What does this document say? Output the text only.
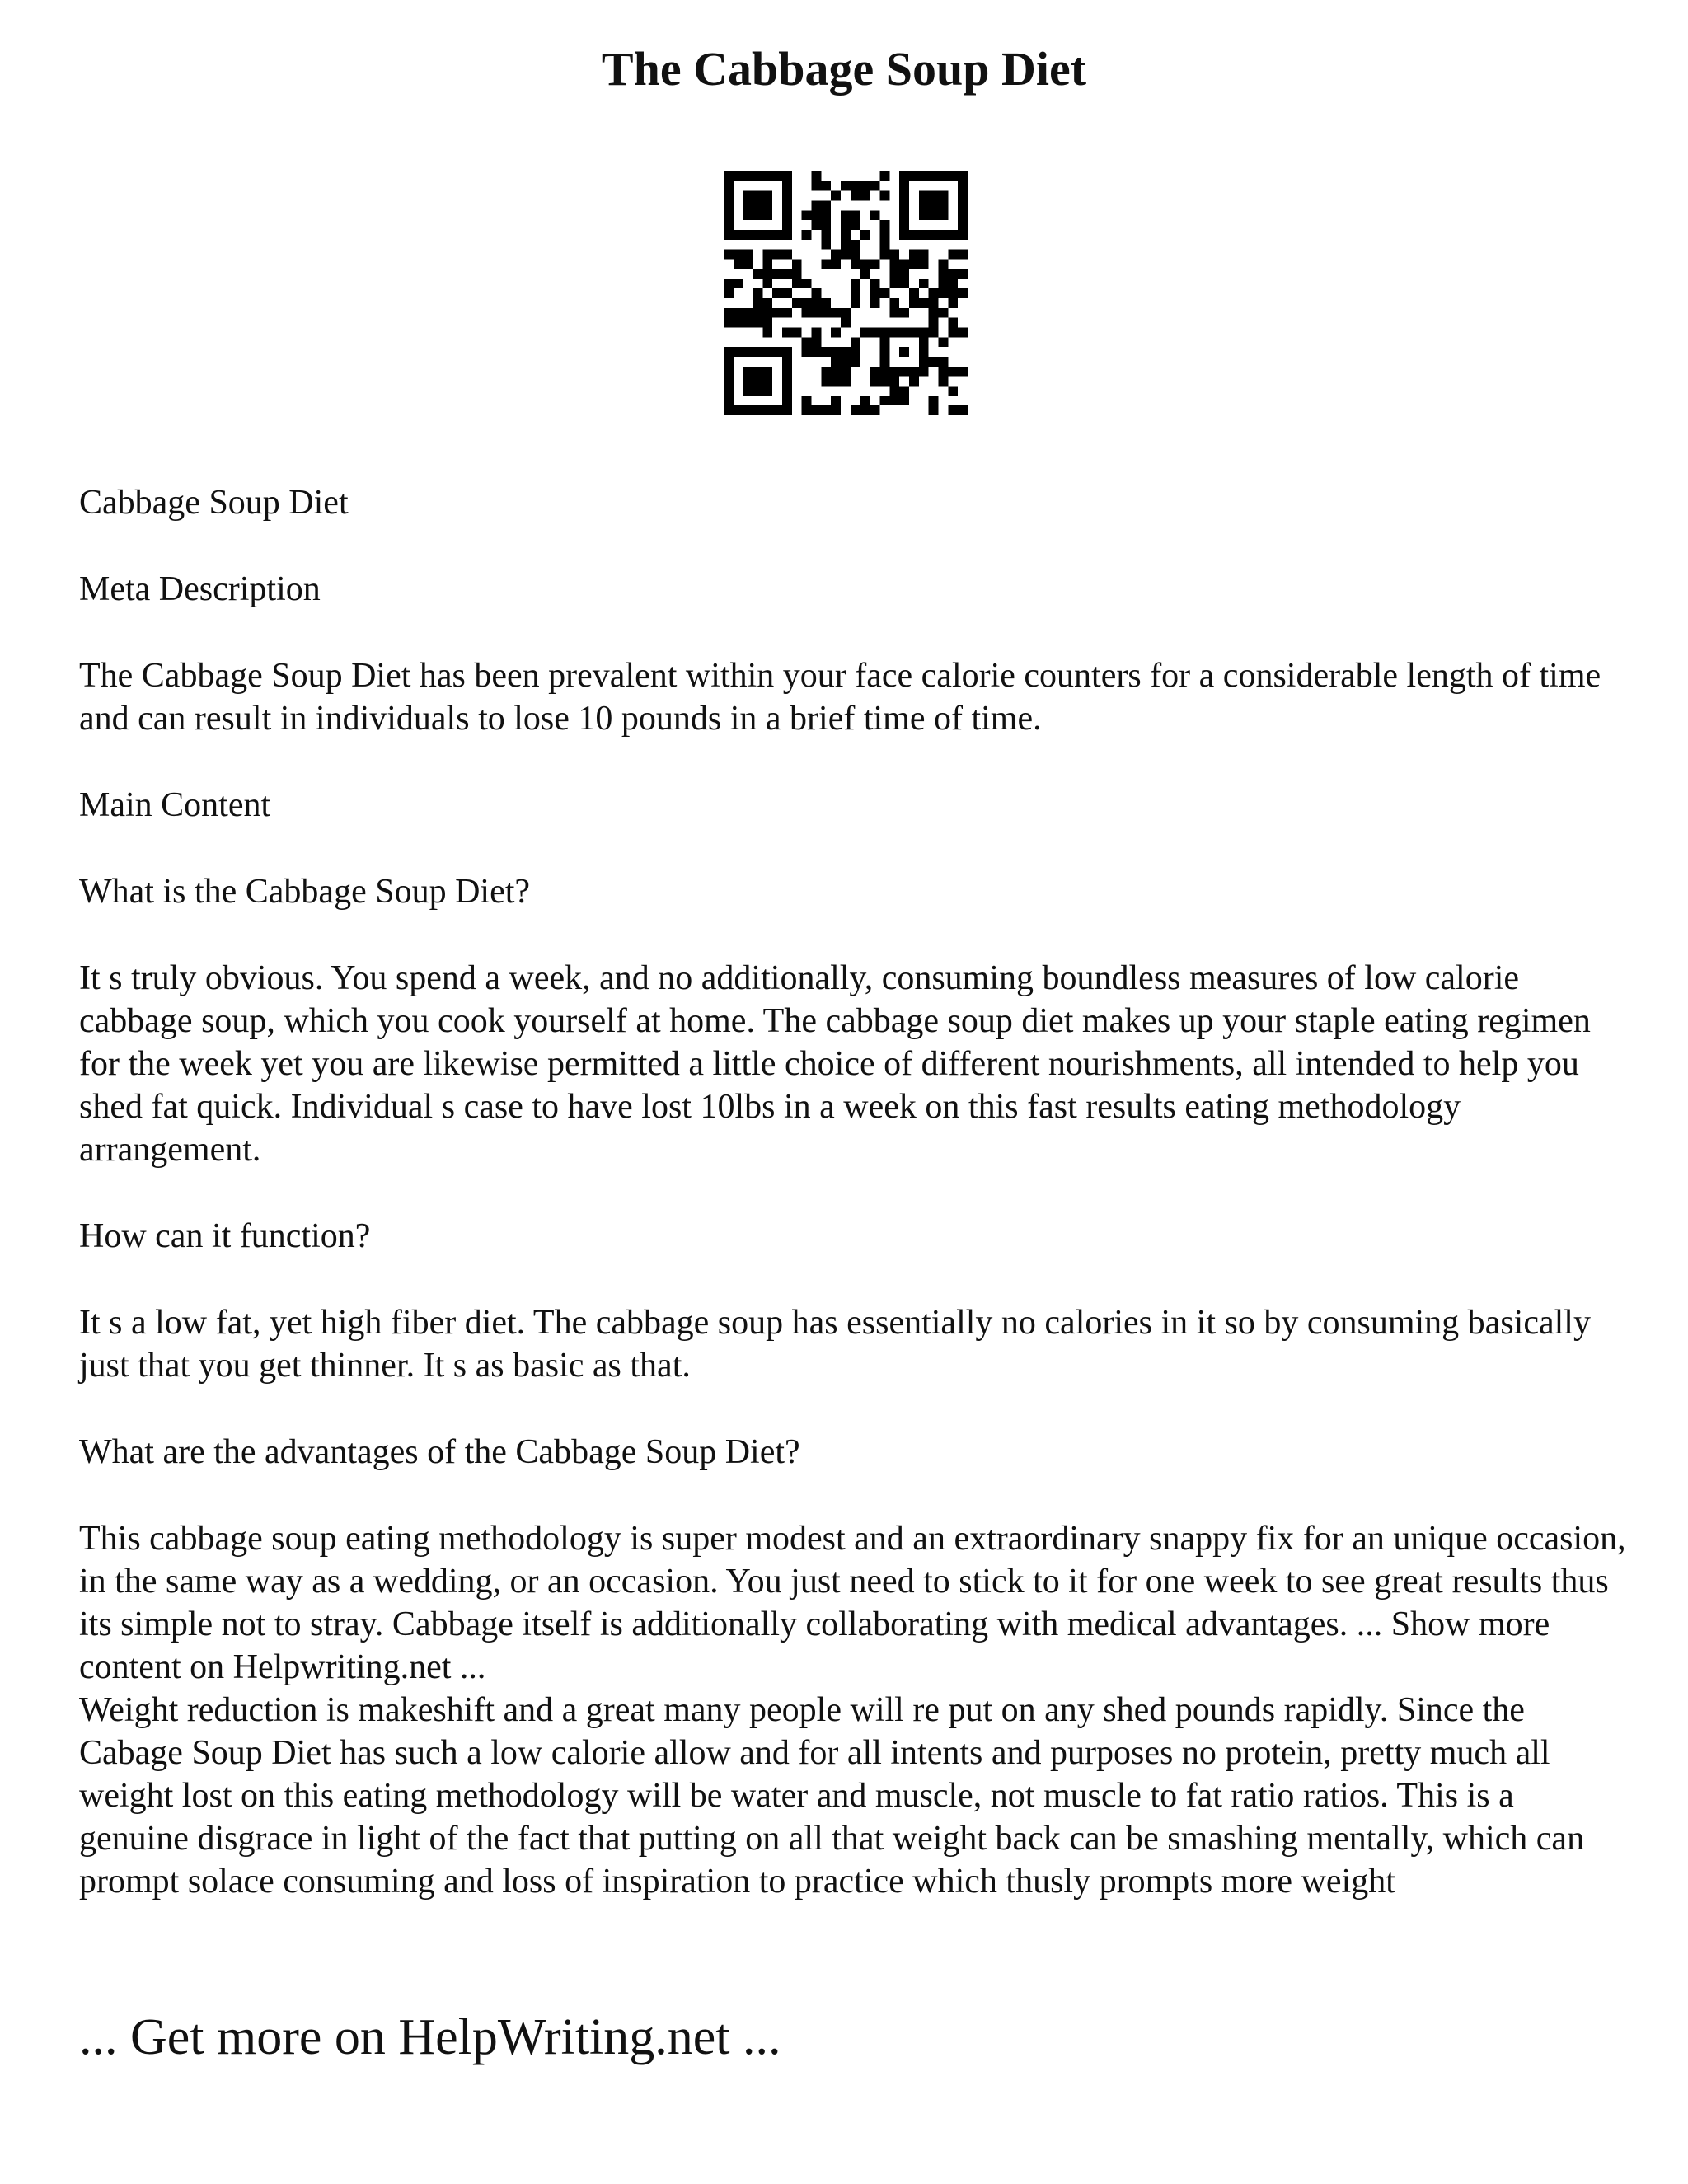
The Cabbage Soup Diet

Cabbage Soup Diet

Meta Description

The Cabbage Soup Diet has been prevalent within your face calorie counters for a considerable length of time and can result in individuals to lose 10 pounds in a brief time of time.

Main Content

What is the Cabbage Soup Diet?

It s truly obvious. You spend a week, and no additionally, consuming boundless measures of low calorie cabbage soup, which you cook yourself at home. The cabbage soup diet makes up your staple eating regimen for the week yet you are likewise permitted a little choice of different nourishments, all intended to help you shed fat quick. Individual s case to have lost 10lbs in a week on this fast results eating methodology arrangement.

How can it function?

It s a low fat, yet high fiber diet. The cabbage soup has essentially no calories in it so by consuming basically just that you get thinner. It s as basic as that.

What are the advantages of the Cabbage Soup Diet?

This cabbage soup eating methodology is super modest and an extraordinary snappy fix for an unique occasion, in the same way as a wedding, or an occasion. You just need to stick to it for one week to see great results thus its simple not to stray. Cabbage itself is additionally collaborating with medical advantages. ... Show more content on Helpwriting.net ...

Weight reduction is makeshift and a great many people will re put on any shed pounds rapidly. Since the Cabage Soup Diet has such a low calorie allow and for all intents and purposes no protein, pretty much all weight lost on this eating methodology will be water and muscle, not muscle to fat ratio ratios. This is a genuine disgrace in light of the fact that putting on all that weight back can be smashing mentally, which can prompt solace consuming and loss of inspiration to practice which thusly prompts more weight

... Get more on HelpWriting.net ...
